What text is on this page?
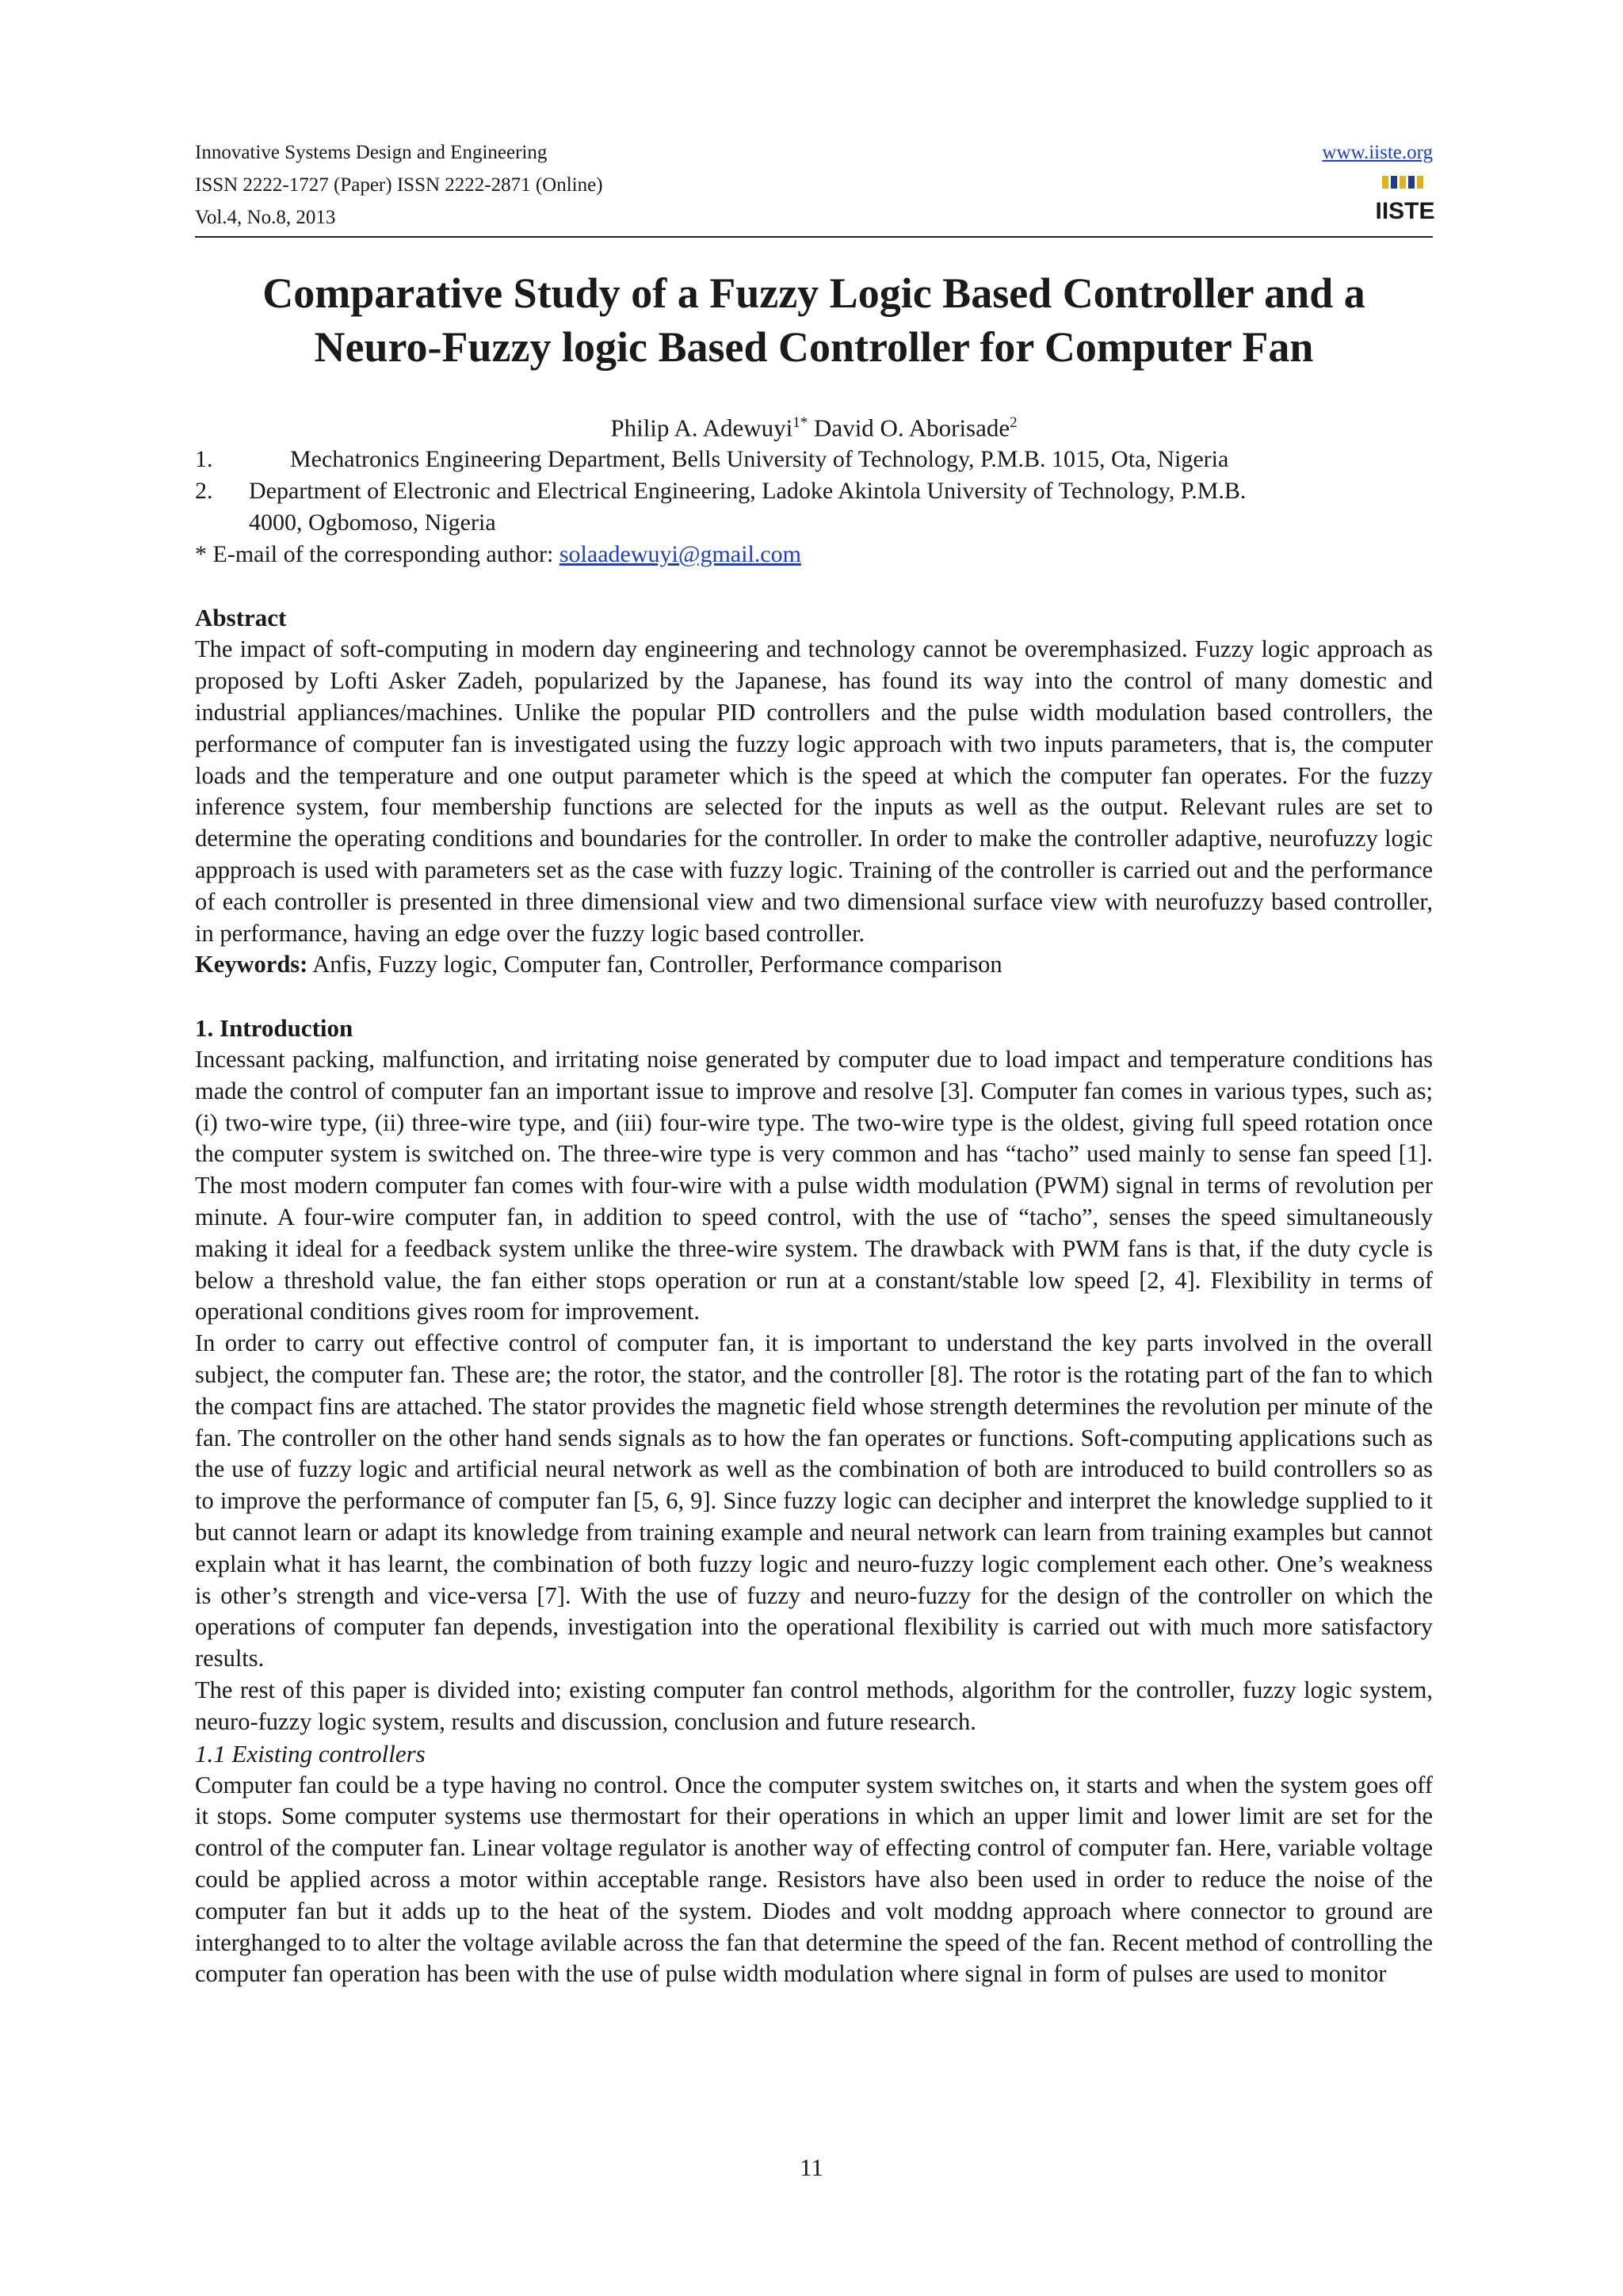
Innovative Systems Design and Engineering
ISSN 2222-1727 (Paper) ISSN 2222-2871 (Online)
Vol.4, No.8, 2013
www.iiste.org
IISTE
Comparative Study of a Fuzzy Logic Based Controller and a
Neuro-Fuzzy logic Based Controller for Computer Fan
Philip A. Adewuyi$^{1*}$ David O. Aborisade$^2$
1.	Mechatronics Engineering Department, Bells University of Technology, P.M.B. 1015, Ota, Nigeria
2.	Department of Electronic and Electrical Engineering, Ladoke Akintola University of Technology, P.M.B.
4000, Ogbomoso, Nigeria
* E-mail of the corresponding author: solaadewuyi@gmail.com
Abstract

The impact of soft-computing in modern day engineering and technology cannot be overemphasized. Fuzzy logic approach as proposed by Lofti Asker Zadeh, popularized by the Japanese, has found its way into the control of many domestic and industrial appliances/machines. Unlike the popular PID controllers and the pulse width modulation based controllers, the performance of computer fan is investigated using the fuzzy logic approach with two inputs parameters, that is, the computer loads and the temperature and one output parameter which is the speed at which the computer fan operates. For the fuzzy inference system, four membership functions are selected for the inputs as well as the output. Relevant rules are set to determine the operating conditions and boundaries for the controller. In order to make the controller adaptive, neurofuzzy logic appproach is used with parameters set as the case with fuzzy logic. Training of the controller is carried out and the performance of each controller is presented in three dimensional view and two dimensional surface view with neurofuzzy based controller, in performance, having an edge over the fuzzy logic based controller.

Keywords: Anfis, Fuzzy logic, Computer fan, Controller, Performance comparison
1. Introduction

Incessant packing, malfunction, and irritating noise generated by computer due to load impact and temperature conditions has made the control of computer fan an important issue to improve and resolve [3]. Computer fan comes in various types, such as; (i) two-wire type, (ii) three-wire type, and (iii) four-wire type. The two-wire type is the oldest, giving full speed rotation once the computer system is switched on. The three-wire type is very common and has “tacho” used mainly to sense fan speed [1]. The most modern computer fan comes with four-wire with a pulse width modulation (PWM) signal in terms of revolution per minute. A four-wire computer fan, in addition to speed control, with the use of “tacho”, senses the speed simultaneously making it ideal for a feedback system unlike the three-wire system. The drawback with PWM fans is that, if the duty cycle is below a threshold value, the fan either stops operation or run at a constant/stable low speed [2, 4]. Flexibility in terms of operational conditions gives room for improvement.

In order to carry out effective control of computer fan, it is important to understand the key parts involved in the overall subject, the computer fan. These are; the rotor, the stator, and the controller [8]. The rotor is the rotating part of the fan to which the compact fins are attached. The stator provides the magnetic field whose strength determines the revolution per minute of the fan. The controller on the other hand sends signals as to how the fan operates or functions. Soft-computing applications such as the use of fuzzy logic and artificial neural network as well as the combination of both are introduced to build controllers so as to improve the performance of computer fan [5, 6, 9]. Since fuzzy logic can decipher and interpret the knowledge supplied to it but cannot learn or adapt its knowledge from training example and neural network can learn from training examples but cannot explain what it has learnt, the combination of both fuzzy logic and neuro-fuzzy logic complement each other. One’s weakness is other’s strength and vice-versa [7]. With the use of fuzzy and neuro-fuzzy for the design of the controller on which the operations of computer fan depends, investigation into the operational flexibility is carried out with much more satisfactory results.

The rest of this paper is divided into; existing computer fan control methods, algorithm for the controller, fuzzy logic system, neuro-fuzzy logic system, results and discussion, conclusion and future research.

1.1 Existing controllers

Computer fan could be a type having no control. Once the computer system switches on, it starts and when the system goes off it stops. Some computer systems use thermostart for their operations in which an upper limit and lower limit are set for the control of the computer fan. Linear voltage regulator is another way of effecting control of computer fan. Here, variable voltage could be applied across a motor within acceptable range. Resistors have also been used in order to reduce the noise of the computer fan but it adds up to the heat of the system. Diodes and volt moddng approach where connector to ground are interghanged to to alter the voltage avilable across the fan that determine the speed of the fan. Recent method of controlling the computer fan operation has been with the use of pulse width modulation where signal in form of pulses are used to monitor

11
